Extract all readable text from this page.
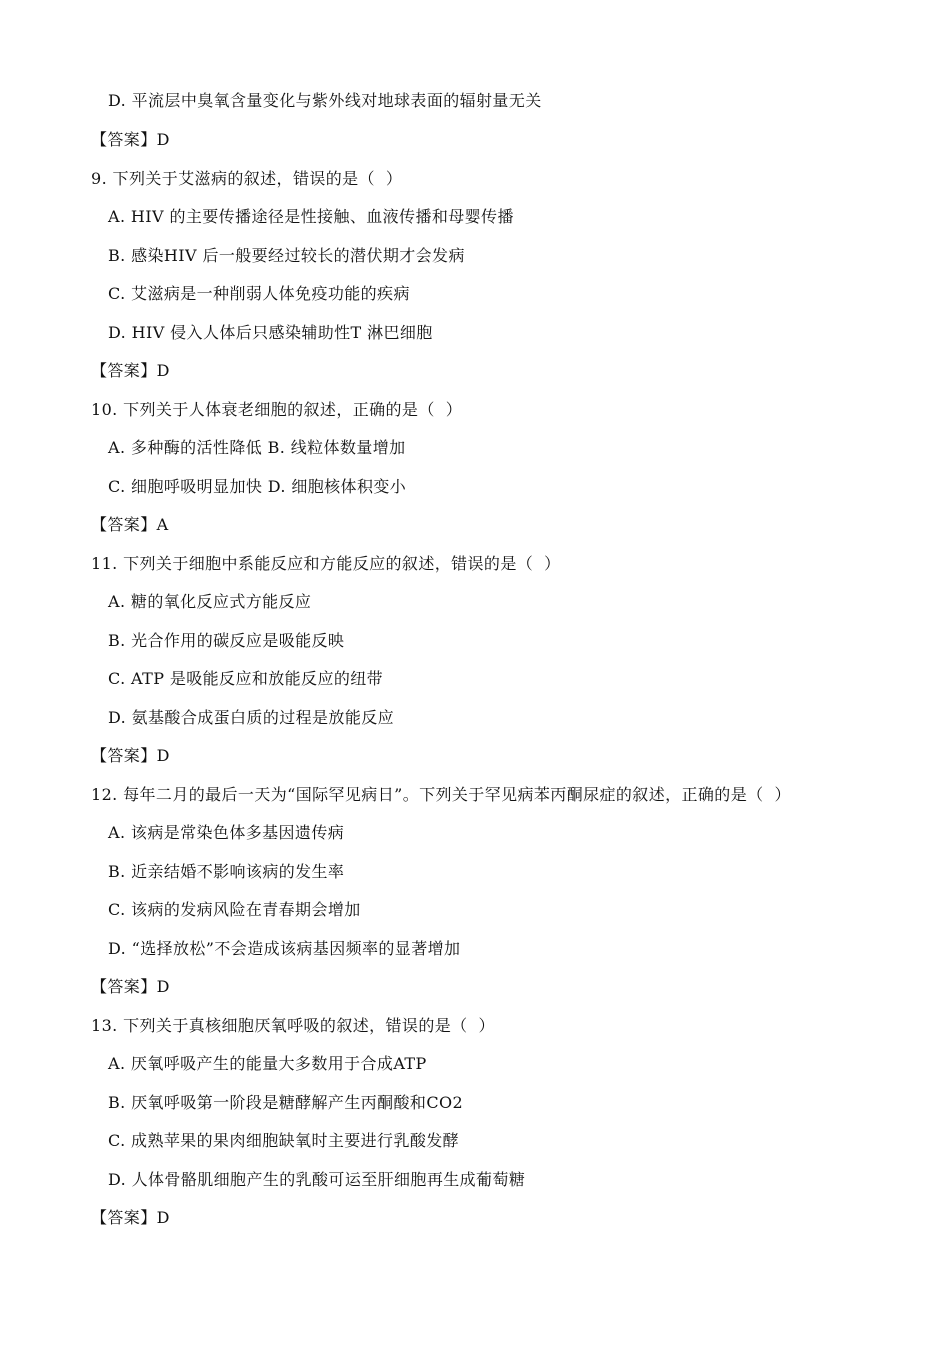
D. 平流层中臭氧含量变化与紫外线对地球表面的辐射量无关
【答案】D
9. 下列关于艾滋病的叙述，错误的是（  ）
A. HIV 的主要传播途径是性接触、血液传播和母婴传播
B. 感染HIV 后一般要经过较长的潜伏期才会发病
C. 艾滋病是一种削弱人体免疫功能的疾病
D. HIV 侵入人体后只感染辅助性T 淋巴细胞
【答案】D
10. 下列关于人体衰老细胞的叙述，正确的是（  ）
A. 多种酶的活性降低 B. 线粒体数量增加
C. 细胞呼吸明显加快 D. 细胞核体积变小
【答案】A
11. 下列关于细胞中系能反应和方能反应的叙述，错误的是（  ）
A. 糖的氧化反应式方能反应
B. 光合作用的碳反应是吸能反映
C. ATP 是吸能反应和放能反应的纽带
D. 氨基酸合成蛋白质的过程是放能反应
【答案】D
12. 每年二月的最后一天为“国际罕见病日”。下列关于罕见病苯丙酮尿症的叙述，正确的是（  ）
A. 该病是常染色体多基因遗传病
B. 近亲结婚不影响该病的发生率
C. 该病的发病风险在青春期会增加
D. “选择放松”不会造成该病基因频率的显著增加
【答案】D
13. 下列关于真核细胞厌氧呼吸的叙述，错误的是（  ）
A. 厌氧呼吸产生的能量大多数用于合成ATP
B. 厌氧呼吸第一阶段是糖酵解产生丙酮酸和CO2
C. 成熟苹果的果肉细胞缺氧时主要进行乳酸发酵
D. 人体骨骼肌细胞产生的乳酸可运至肝细胞再生成葡萄糖
【答案】D
